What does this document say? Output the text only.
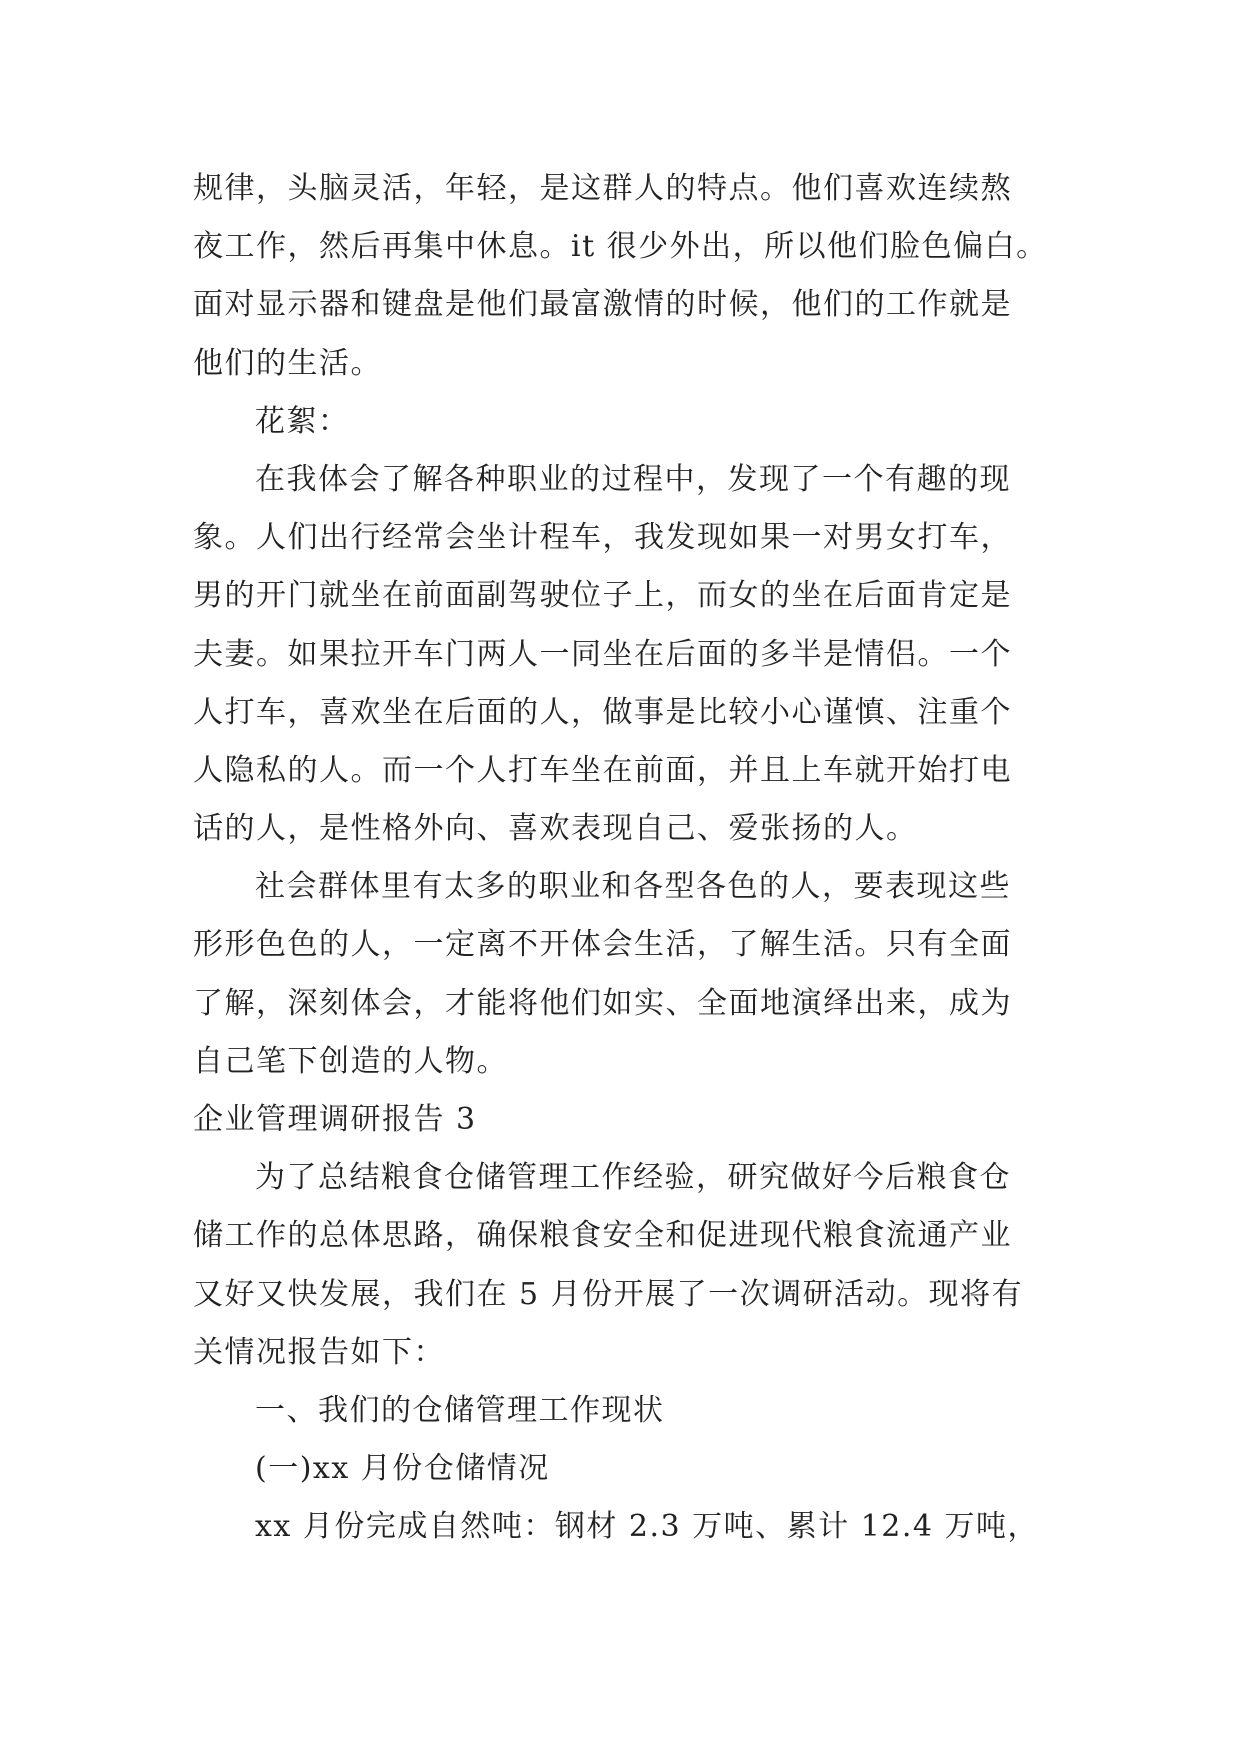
规律，头脑灵活，年轻，是这群人的特点。他们喜欢连续熬
夜工作，然后再集中休息。it 很少外出，所以他们脸色偏白。
面对显示器和键盘是他们最富激情的时候，他们的工作就是
他们的生活。
花絮：
在我体会了解各种职业的过程中，发现了一个有趣的现
象。人们出行经常会坐计程车，我发现如果一对男女打车，
男的开门就坐在前面副驾驶位子上，而女的坐在后面肯定是
夫妻。如果拉开车门两人一同坐在后面的多半是情侣。一个
人打车，喜欢坐在后面的人，做事是比较小心谨慎、注重个
人隐私的人。而一个人打车坐在前面，并且上车就开始打电
话的人，是性格外向、喜欢表现自己、爱张扬的人。
社会群体里有太多的职业和各型各色的人，要表现这些
形形色色的人，一定离不开体会生活，了解生活。只有全面
了解，深刻体会，才能将他们如实、全面地演绎出来，成为
自己笔下创造的人物。
企业管理调研报告 3
为了总结粮食仓储管理工作经验，研究做好今后粮食仓
储工作的总体思路，确保粮食安全和促进现代粮食流通产业
又好又快发展，我们在 5 月份开展了一次调研活动。现将有
关情况报告如下：
一、我们的仓储管理工作现状
(一)xx 月份仓储情况
xx 月份完成自然吨：钢材 2.3 万吨、累计 12.4 万吨，
